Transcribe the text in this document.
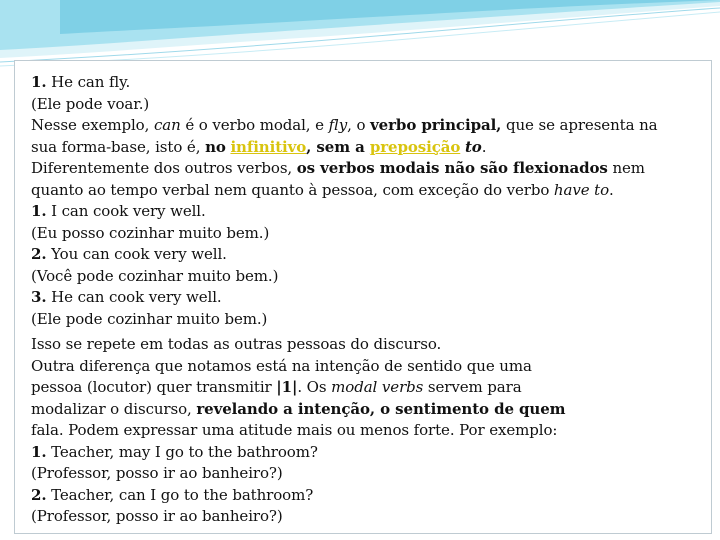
1. He can fly.
(Ele pode voar.)
Nesse exemplo, can é o verbo modal, e fly, o verbo principal, que se apresenta na
sua forma-base, isto é, no infinitivo, sem a preposição to.
Diferentemente dos outros verbos, os verbos modais não são flexionados nem
quanto ao tempo verbal nem quanto à pessoa, com exceção do verbo have to.
1. I can cook very well.
(Eu posso cozinhar muito bem.)
2. You can cook very well.
(Você pode cozinhar muito bem.)
3. He can cook very well.
(Ele pode cozinhar muito bem.)
Isso se repete em todas as outras pessoas do discurso.
Outra diferença que notamos está na intenção de sentido que uma
pessoa (locutor) quer transmitir |1|. Os modal verbs servem para
modalizar o discurso, revelando a intenção, o sentimento de quem
fala. Podem expressar uma atitude mais ou menos forte. Por exemplo:
1. Teacher, may I go to the bathroom?
(Professor, posso ir ao banheiro?)
2. Teacher, can I go to the bathroom?
(Professor, posso ir ao banheiro?)
